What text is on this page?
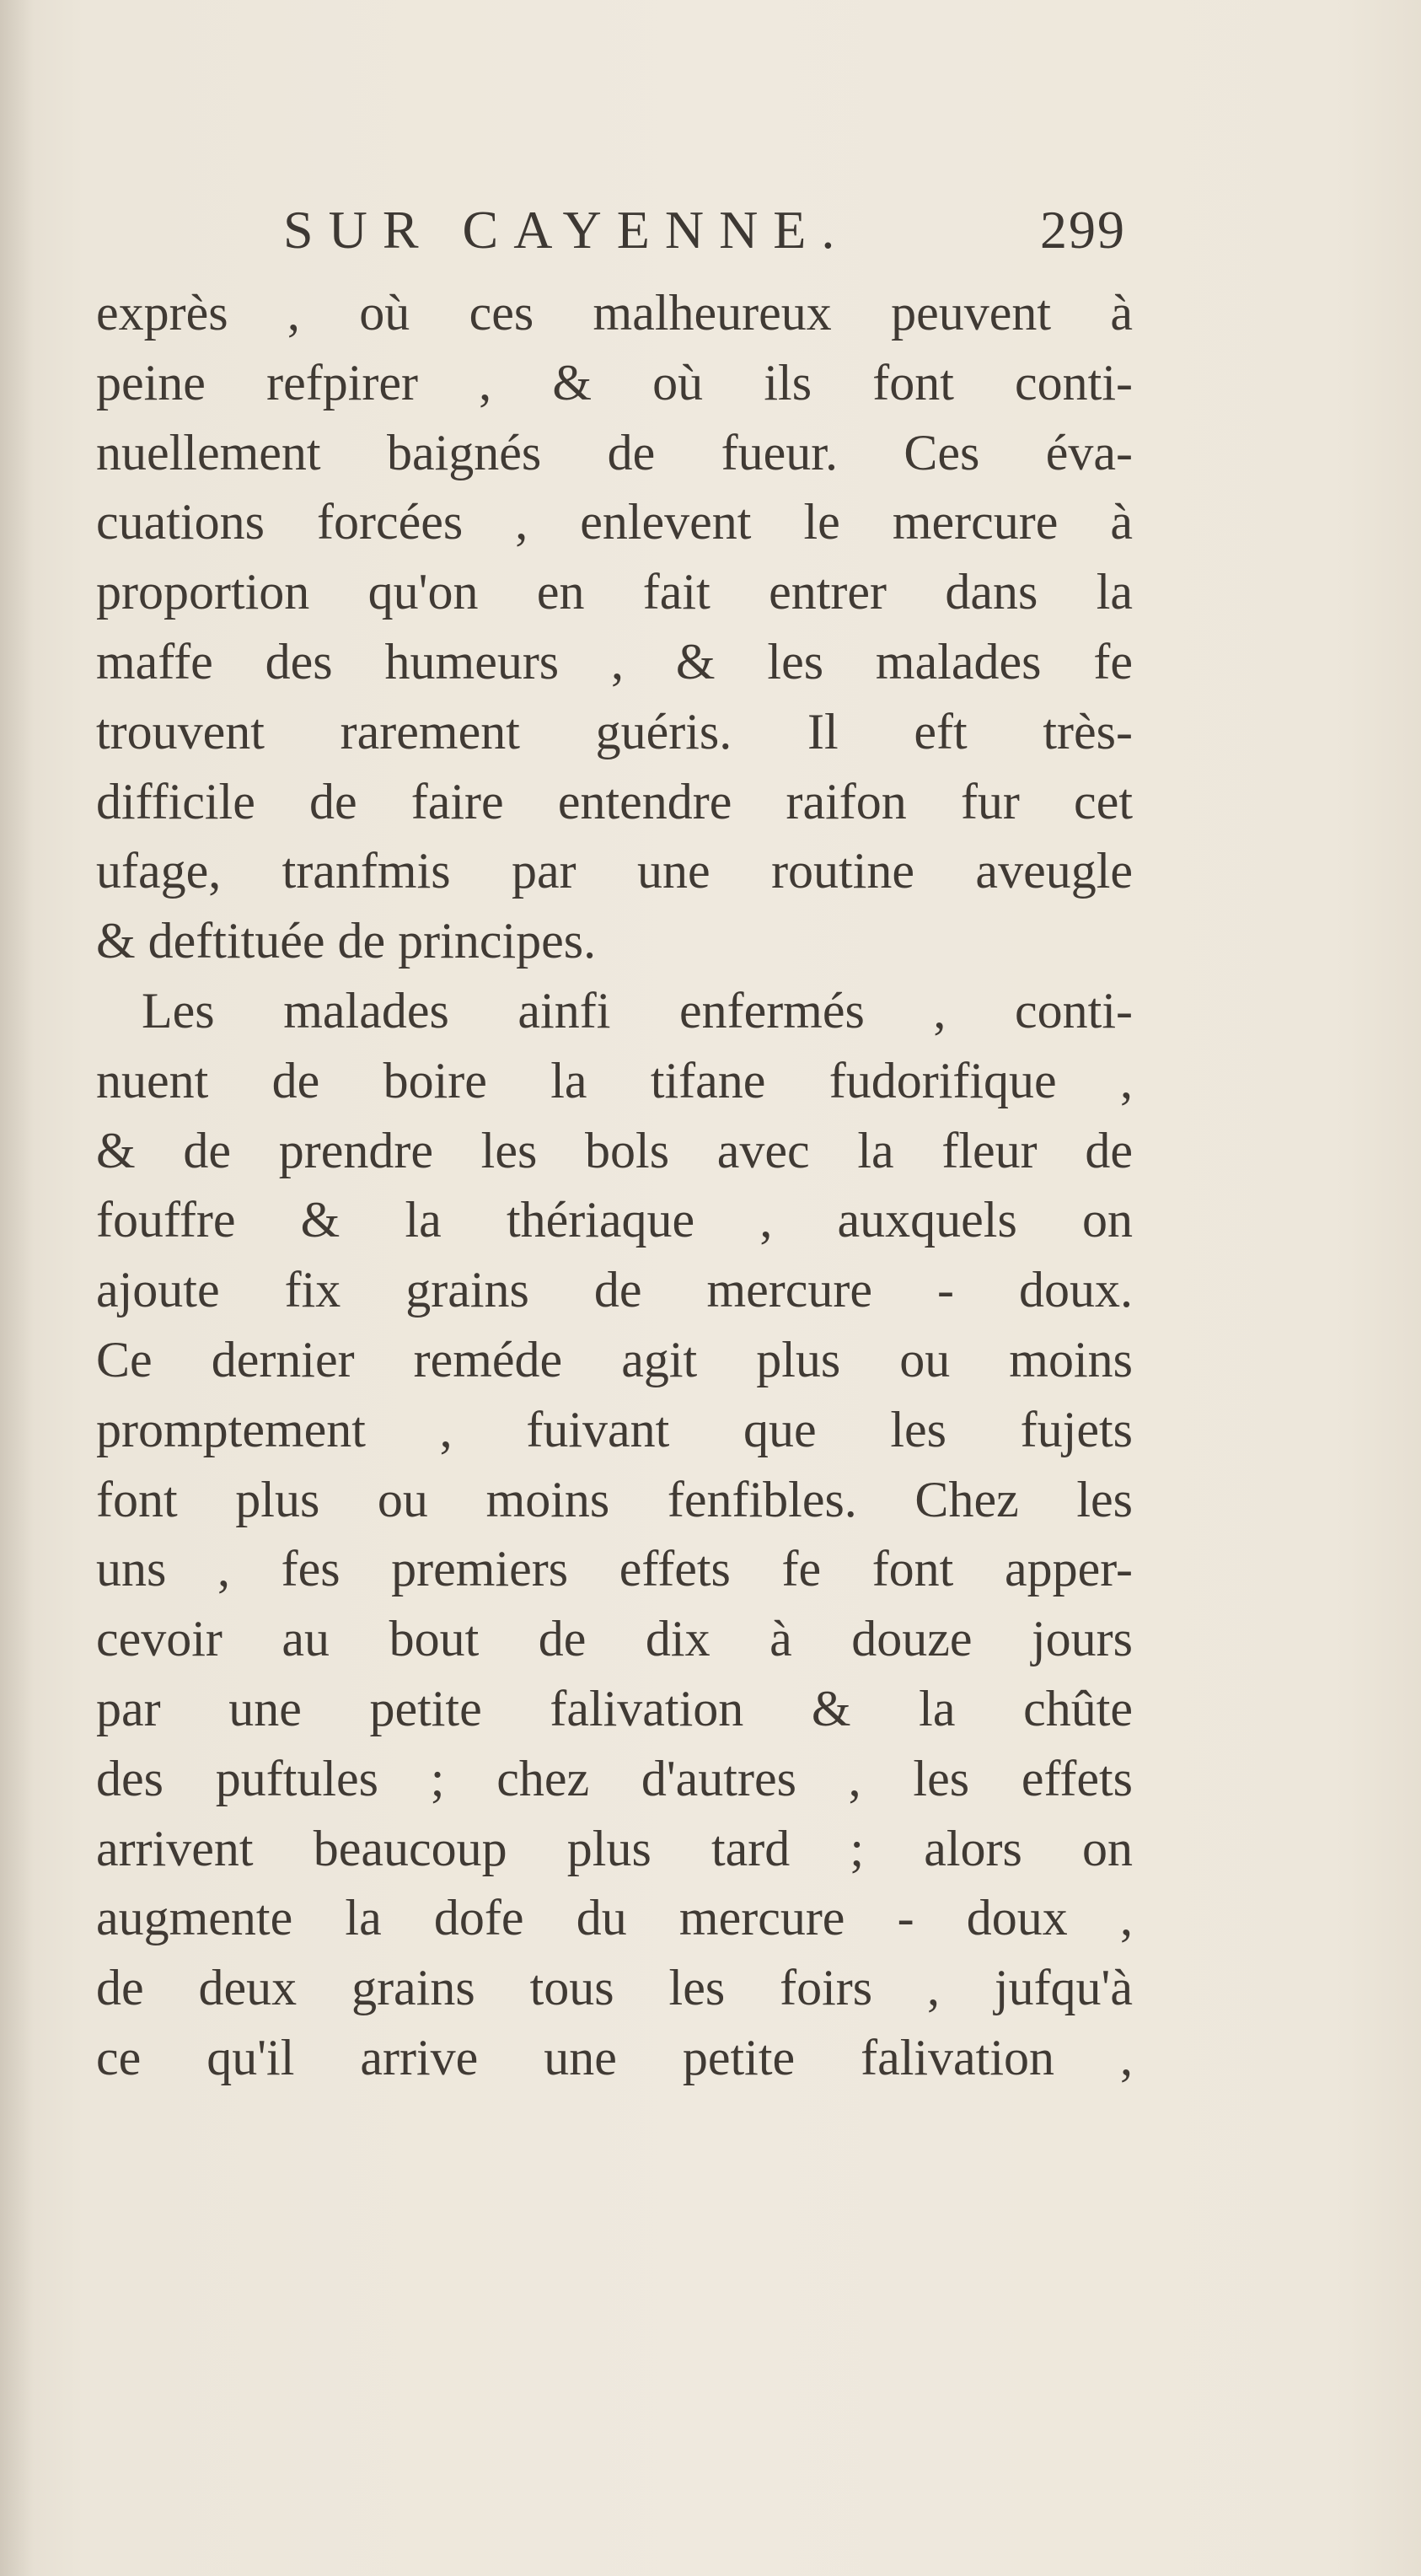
SUR CAYENNE.	299
exprès , où ces malheureux peuvent à
peine refpirer , & où ils font conti-
nuellement baignés de fueur. Ces éva-
cuations forcées , enlevent le mercure à
proportion qu'on en fait entrer dans la
maffe des humeurs , & les malades fe
trouvent rarement guéris. Il eft très-
difficile de faire entendre raifon fur cet
ufage, tranfmis par une routine aveugle
& deftituée de principes.
Les malades ainfi enfermés , conti-
nuent de boire la tifane fudorifique ,
& de prendre les bols avec la fleur de
fouffre & la thériaque , auxquels on
ajoute fix grains de mercure - doux.
Ce dernier reméde agit plus ou moins
promptement , fuivant que les fujets
font plus ou moins fenfibles. Chez les
uns , fes premiers effets fe font apper-
cevoir au bout de dix à douze jours
par une petite falivation & la chûte
des puftules ; chez d'autres , les effets
arrivent beaucoup plus tard ; alors on
augmente la dofe du mercure - doux ,
de deux grains tous les foirs , jufqu'à
ce qu'il arrive une petite falivation ,
